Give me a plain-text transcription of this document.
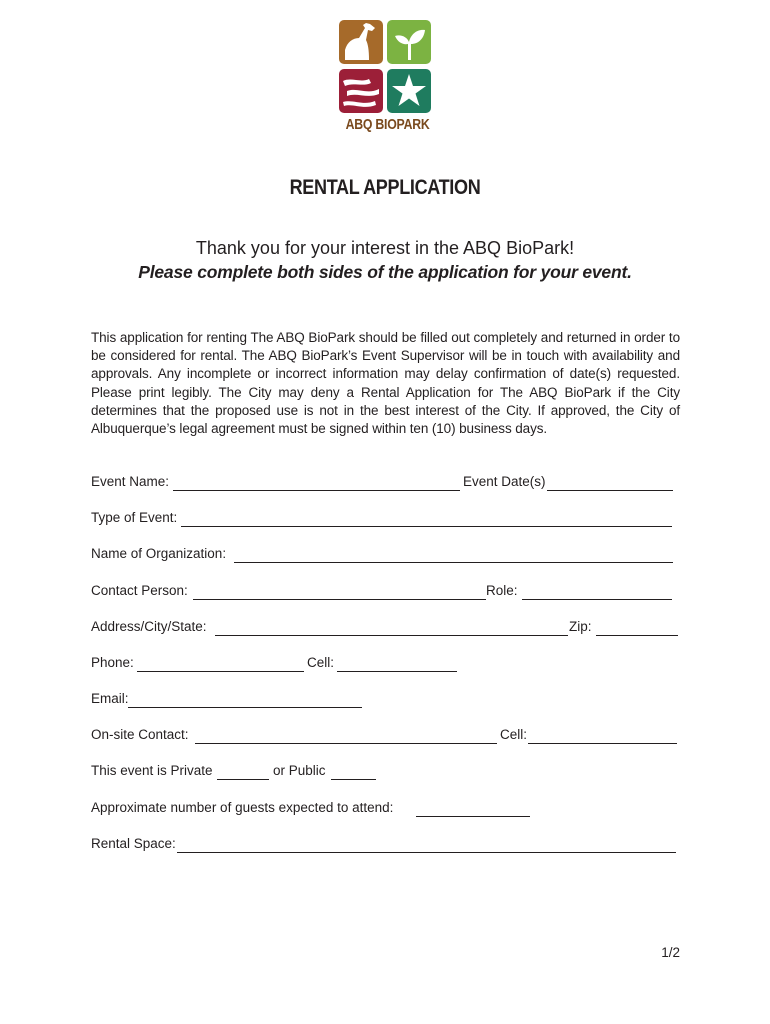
ABQ BIOPARK
RENTAL APPLICATION
Thank you for your interest in the ABQ BioPark!
Please complete both sides of the application for your event.
This application for renting The ABQ BioPark should be filled out completely and returned in order to be considered for rental. The ABQ BioPark’s Event Supervisor will be in touch with availability and approvals. Any incomplete or incorrect information may delay confirmation of date(s) requested. Please print legibly. The City may deny a Rental Application for The ABQ BioPark if the City determines that the proposed use is not in the best interest of the City. If approved, the City of Albuquerque’s legal agreement must be signed within ten (10) business days.
Event Name:	Event Date(s)
Type of Event:
Name of Organization:
Contact Person:	Role:
Address/City/State:	Zip:
Phone:	Cell:
Email:
On-site Contact:	Cell:
This event is Private	or Public
Approximate number of guests expected to attend:
Rental Space:
1/2
